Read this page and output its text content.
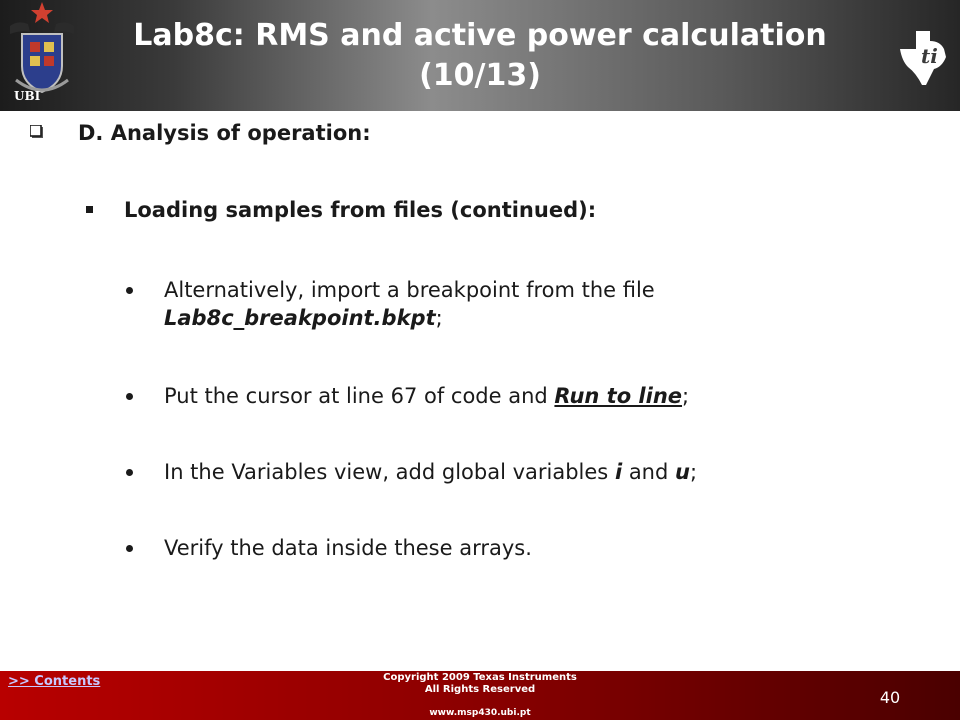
UBI
Lab8c: RMS and active power calculation
(10/13)
ti
D. Analysis of operation:
Loading samples from files (continued):
Alternatively, import a breakpoint from the file Lab8c_breakpoint.bkpt;
Put the cursor at line 67 of code and Run to line;
In the Variables view, add global variables i and u;
Verify the data inside these arrays.
>> Contents	Copyright 2009 Texas Instruments
All Rights Reserved
www.msp430.ubi.pt
40
